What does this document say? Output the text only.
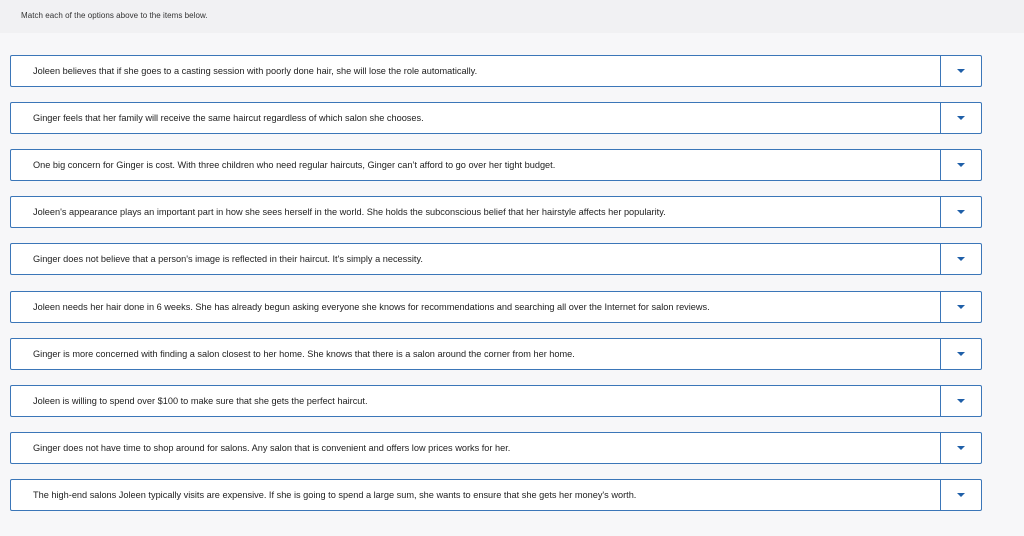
Match each of the options above to the items below.
Joleen believes that if she goes to a casting session with poorly done hair, she will lose the role automatically.
Ginger feels that her family will receive the same haircut regardless of which salon she chooses.
One big concern for Ginger is cost. With three children who need regular haircuts, Ginger can’t afford to go over her tight budget.
Joleen's appearance plays an important part in how she sees herself in the world. She holds the subconscious belief that her hairstyle affects her popularity.
Ginger does not believe that a person's image is reflected in their haircut. It's simply a necessity.
Joleen needs her hair done in 6 weeks. She has already begun asking everyone she knows for recommendations and searching all over the Internet for salon reviews.
Ginger is more concerned with finding a salon closest to her home. She knows that there is a salon around the corner from her home.
Joleen is willing to spend over $100 to make sure that she gets the perfect haircut.
Ginger does not have time to shop around for salons. Any salon that is convenient and offers low prices works for her.
The high-end salons Joleen typically visits are expensive. If she is going to spend a large sum, she wants to ensure that she gets her money's worth.
